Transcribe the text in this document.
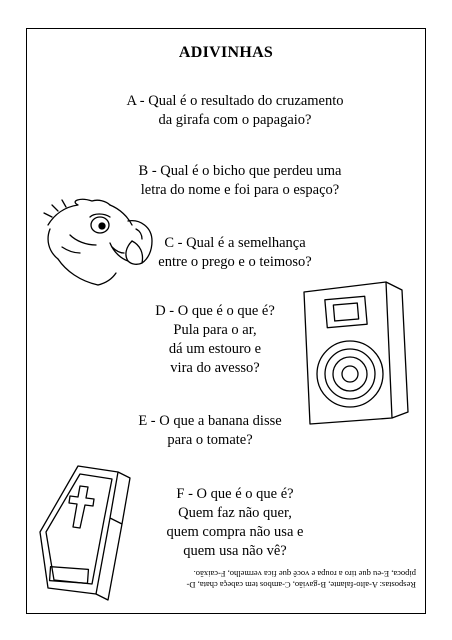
ADIVINHAS
A - Qual é o resultado do cruzamento
da girafa com o papagaio?
B - Qual é o bicho que perdeu uma
letra do nome e foi para o espaço?
C - Qual é a semelhança
entre o prego e o teimoso?
D - O que é o que é?
Pula para o ar,
dá um estouro e
vira do avesso?
E - O que a banana disse
para o tomate?
F - O que é o que é?
Quem faz não quer,
quem compra não usa e
quem usa não vê?
Respostas: A-alto-falante, B-gavião, C-ambos tem cabeça chata, D-
pipoca, E-eu que tiro a roupa e você que fica vermelho, F-caixão.
